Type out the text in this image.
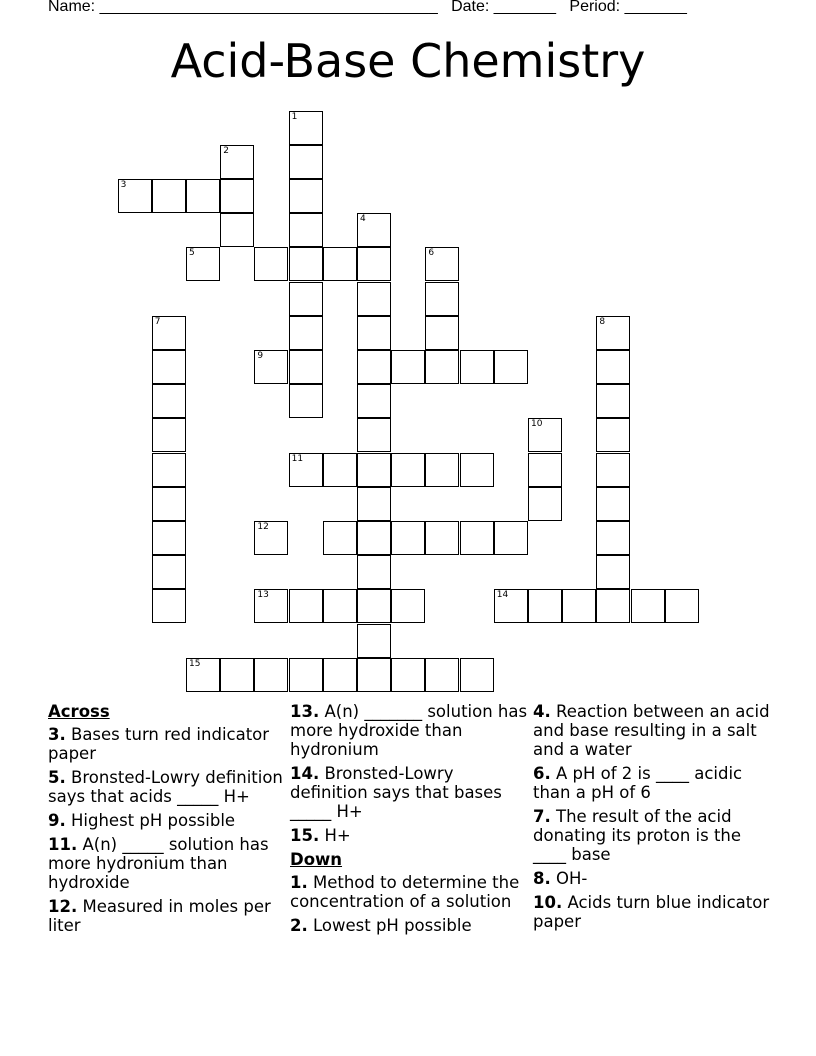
Name: ______________________________________ Date: _______ Period: _______
Acid-Base Chemistry
1
2
3
4
5	6
7	8
9
10
11
12
13	14
15
Across
3. Bases turn red indicator paper
5. Bronsted-Lowry definition says that acids _____ H+
9. Highest pH possible
11. A(n) _____ solution has more hydronium than hydroxide
12. Measured in moles per liter
13. A(n) _______ solution has more hydroxide than hydronium
14. Bronsted-Lowry definition says that bases _____ H+
15. H+
Down
1. Method to determine the concentration of a solution
2. Lowest pH possible
4. Reaction between an acid and base resulting in a salt and a water
6. A pH of 2 is ____ acidic than a pH of 6
7. The result of the acid donating its proton is the ____ base
8. OH-
10. Acids turn blue indicator paper
